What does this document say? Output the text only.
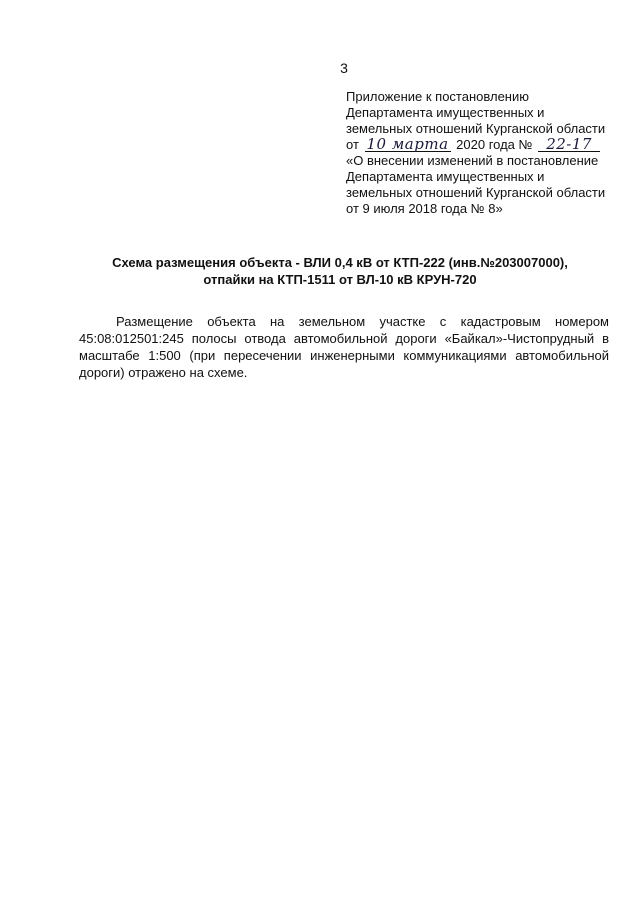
3
Приложение к постановлению
Департамента имущественных и
земельных отношений Курганской области
от 10 марта 2020 года № 22-17
«О внесении изменений в постановление
Департамента имущественных и
земельных отношений Курганской области
от 9 июля 2018 года № 8»
Схема размещения объекта - ВЛИ 0,4 кВ от КТП-222 (инв.№203007000),
отпайки на КТП-1511 от ВЛ-10 кВ КРУН-720
Размещение объекта на земельном участке с кадастровым номером
45:08:012501:245 полосы отвода автомобильной дороги «Байкал»-Чистопрудный в
масштабе 1:500 (при пересечении инженерными коммуникациями автомобильной
дороги) отражено на схеме.
